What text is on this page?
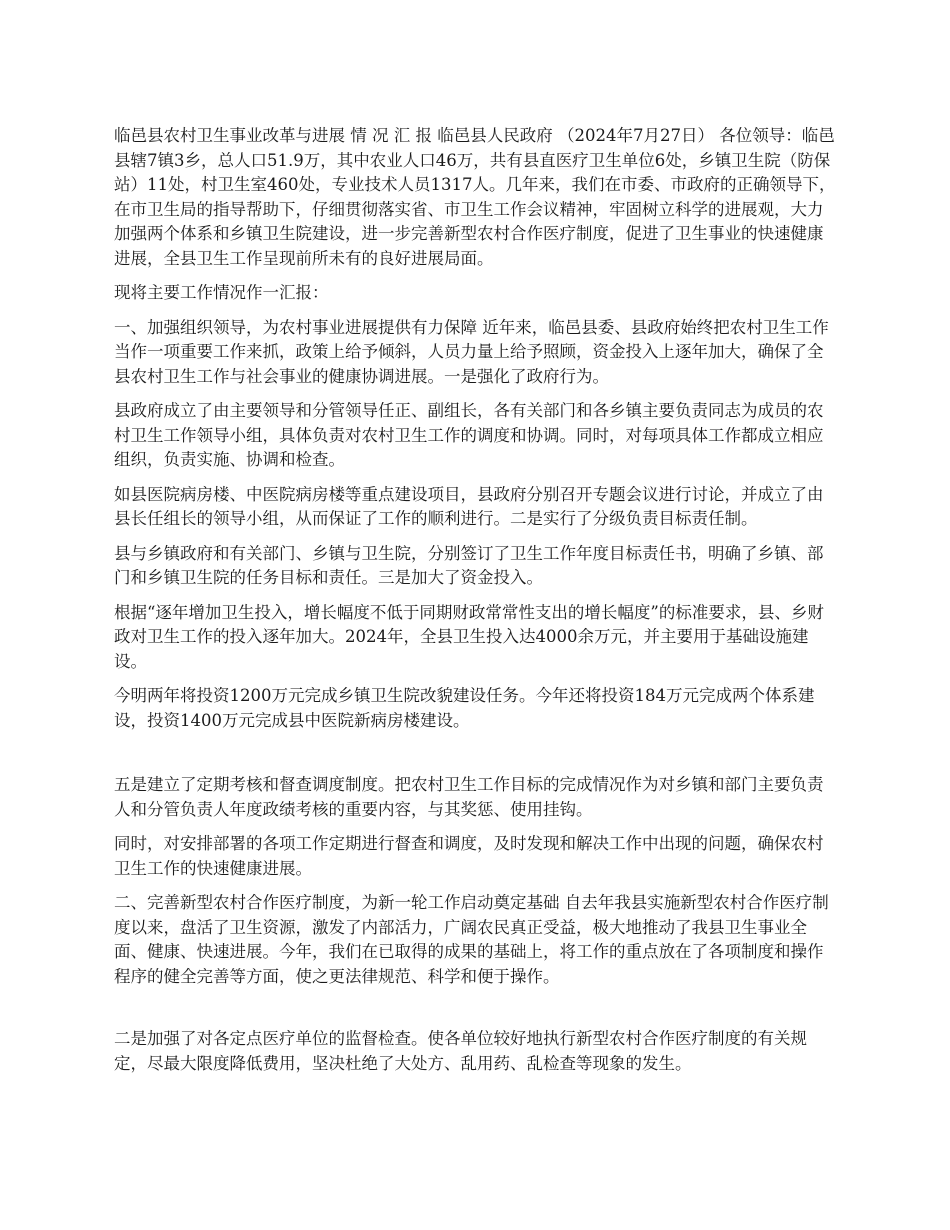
临邑县农村卫生事业改革与进展 情 况 汇 报 临邑县人民政府 （2024年7月27日） 各位领导：临邑县辖7镇3乡，总人口51.9万，其中农业人口46万，共有县直医疗卫生单位6处，乡镇卫生院（防保站）11处，村卫生室460处，专业技术人员1317人。几年来，我们在市委、市政府的正确领导下，在市卫生局的指导帮助下，仔细贯彻落实省、市卫生工作会议精神，牢固树立科学的进展观，大力加强两个体系和乡镇卫生院建设，进一步完善新型农村合作医疗制度，促进了卫生事业的快速健康进展，全县卫生工作呈现前所未有的良好进展局面。

现将主要工作情况作一汇报：

一、加强组织领导，为农村事业进展提供有力保障 近年来，临邑县委、县政府始终把农村卫生工作当作一项重要工作来抓，政策上给予倾斜，人员力量上给予照顾，资金投入上逐年加大，确保了全县农村卫生工作与社会事业的健康协调进展。一是强化了政府行为。

县政府成立了由主要领导和分管领导任正、副组长，各有关部门和各乡镇主要负责同志为成员的农村卫生工作领导小组，具体负责对农村卫生工作的调度和协调。同时，对每项具体工作都成立相应组织，负责实施、协调和检查。

如县医院病房楼、中医院病房楼等重点建设项目，县政府分别召开专题会议进行讨论，并成立了由县长任组长的领导小组，从而保证了工作的顺利进行。二是实行了分级负责目标责任制。

县与乡镇政府和有关部门、乡镇与卫生院，分别签订了卫生工作年度目标责任书，明确了乡镇、部门和乡镇卫生院的任务目标和责任。三是加大了资金投入。

根据“逐年增加卫生投入，增长幅度不低于同期财政常常性支出的增长幅度”的标准要求，县、乡财政对卫生工作的投入逐年加大。2024年，全县卫生投入达4000余万元，并主要用于基础设施建设。

今明两年将投资1200万元完成乡镇卫生院改貌建设任务。今年还将投资184万元完成两个体系建设，投资1400万元完成县中医院新病房楼建设。

五是建立了定期考核和督查调度制度。把农村卫生工作目标的完成情况作为对乡镇和部门主要负责人和分管负责人年度政绩考核的重要内容，与其奖惩、使用挂钩。

同时，对安排部署的各项工作定期进行督查和调度，及时发现和解决工作中出现的问题，确保农村卫生工作的快速健康进展。

二、完善新型农村合作医疗制度，为新一轮工作启动奠定基础 自去年我县实施新型农村合作医疗制度以来，盘活了卫生资源，激发了内部活力，广阔农民真正受益，极大地推动了我县卫生事业全面、健康、快速进展。今年，我们在已取得的成果的基础上，将工作的重点放在了各项制度和操作程序的健全完善等方面，使之更法律规范、科学和便于操作。

二是加强了对各定点医疗单位的监督检查。使各单位较好地执行新型农村合作医疗制度的有关规定，尽最大限度降低费用，坚决杜绝了大处方、乱用药、乱检查等现象的发生。
